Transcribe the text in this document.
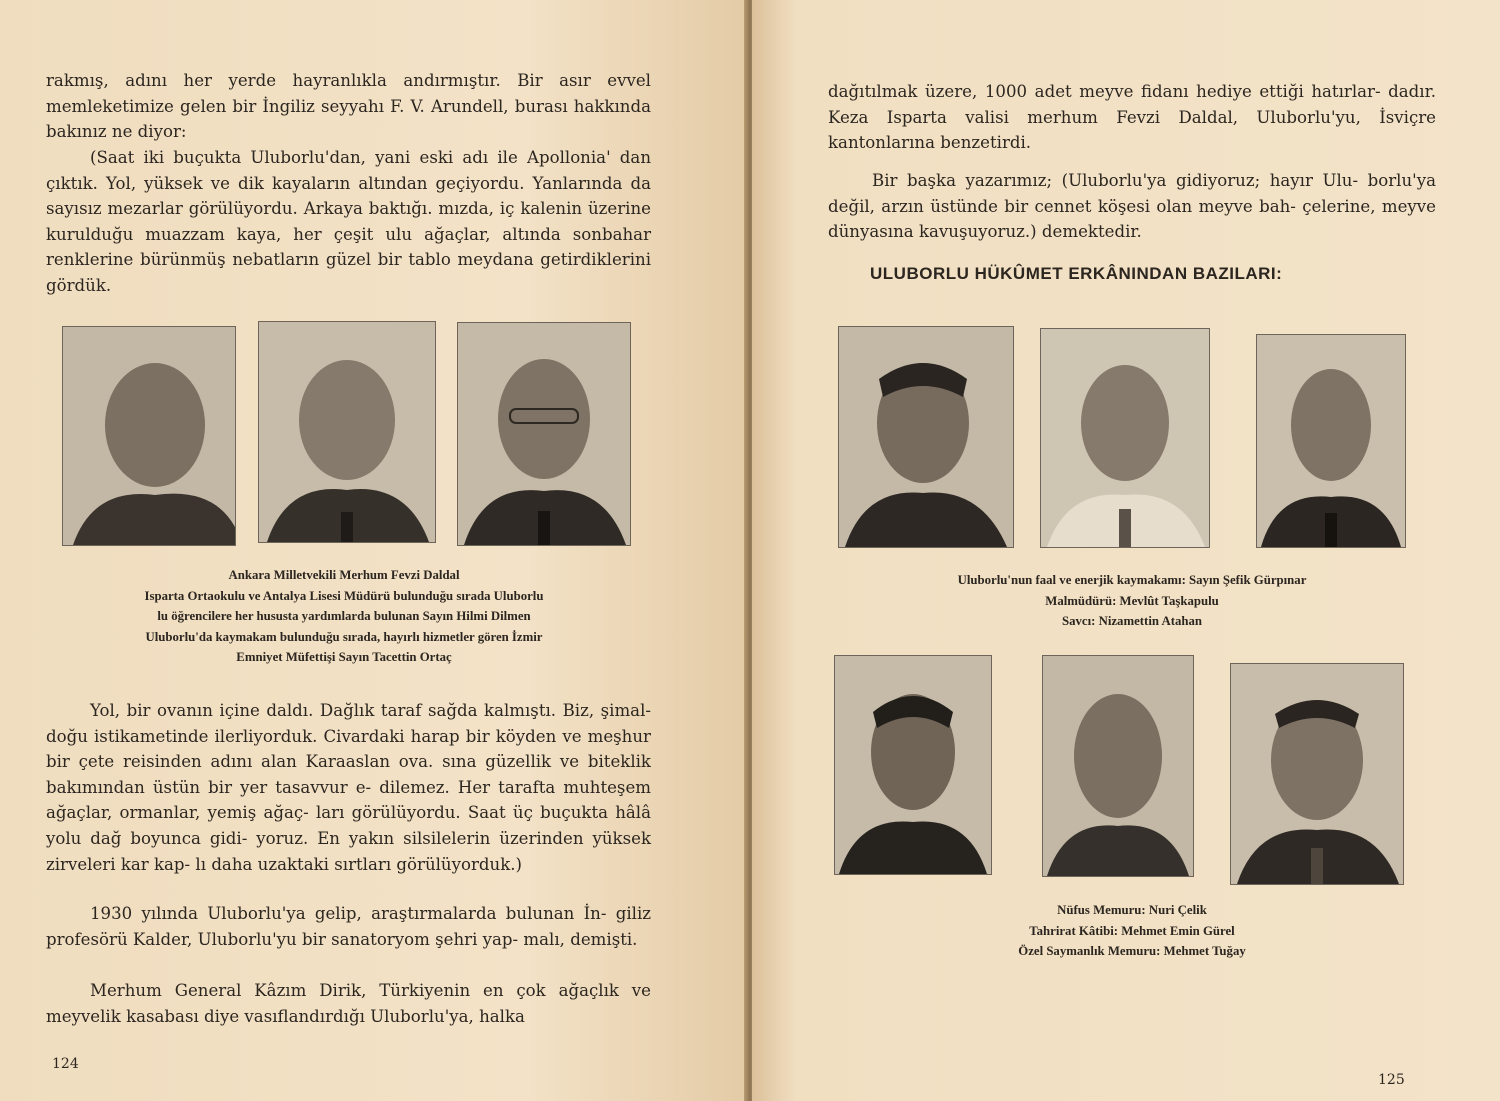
rakmış, adını her yerde hayranlıkla andırmıştır. Bir asır evvel memleketimize gelen bir İngiliz seyyahı F. V. Arundell, burası hakkında bakınız ne diyor:

(Saat iki buçukta Uluborlu'dan, yani eski adı ile Apollonia' dan çıktık. Yol, yüksek ve dik kayaların altından geçiyordu. Yanlarında da sayısız mezarlar görülüyordu. Arkaya baktığı. mızda, iç kalenin üzerine kurulduğu muazzam kaya, her çeşit ulu ağaçlar, altında sonbahar renklerine bürünmüş nebatların güzel bir tablo meydana getirdiklerini gördük.

Ankara Milletvekili Merhum Fevzi Daldal
Isparta Ortaokulu ve Antalya Lisesi Müdürü bulunduğu sırada Uluborlu
lu öğrencilere her hususta yardımlarda bulunan Sayın Hilmi Dilmen
Uluborlu'da kaymakam bulunduğu sırada, hayırlı hizmetler gören İzmir
Emniyet Müfettişi Sayın Tacettin Ortaç

Yol, bir ovanın içine daldı. Dağlık taraf sağda kalmıştı. Biz, şimal-doğu istikametinde ilerliyorduk. Civardaki harap bir köyden ve meşhur bir çete reisinden adını alan Karaaslan ova. sına güzellik ve biteklik bakımından üstün bir yer tasavvur e- dilemez. Her tarafta muhteşem ağaçlar, ormanlar, yemiş ağaç- ları görülüyordu. Saat üç buçukta hâlâ yolu dağ boyunca gidi- yoruz. En yakın silsilelerin üzerinden yüksek zirveleri kar kap- lı daha uzaktaki sırtları görülüyorduk.)

1930 yılında Uluborlu'ya gelip, araştırmalarda bulunan İn- giliz profesörü Kalder, Uluborlu'yu bir sanatoryom şehri yap- malı, demişti.

Merhum General Kâzım Dirik, Türkiyenin en çok ağaçlık ve meyvelik kasabası diye vasıflandırdığı Uluborlu'ya, halka

124

dağıtılmak üzere, 1000 adet meyve fidanı hediye ettiği hatırlar- dadır. Keza Isparta valisi merhum Fevzi Daldal, Uluborlu'yu, İsviçre kantonlarına benzetirdi.

Bir başka yazarımız; (Uluborlu'ya gidiyoruz; hayır Ulu- borlu'ya değil, arzın üstünde bir cennet köşesi olan meyve bah- çelerine, meyve dünyasına kavuşuyoruz.) demektedir.

ULUBORLU HÜKÛMET ERKÂNINDAN BAZILARI:
Uluborlu'nun faal ve enerjik kaymakamı: Sayın Şefik Gürpınar
Malmüdürü: Mevlût Taşkapulu
Savcı: Nizamettin Atahan
Nüfus Memuru: Nuri Çelik
Tahrirat Kâtibi: Mehmet Emin Gürel
Özel Saymanlık Memuru: Mehmet Tuğay
125
